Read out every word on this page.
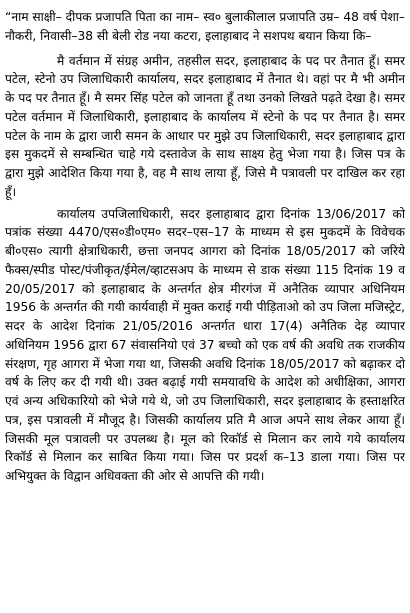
“नाम साक्षी– दीपक प्रजापति पिता का नाम– स्व० बुलाकीलाल प्रजापति उम्र– 48 वर्ष पेशा– नौकरी, निवासी–38 सी बेली रोड नया कटरा, इलाहाबाद ने सशपथ बयान किया कि–

मै वर्तमान में संग्रह अमीन, तहसील सदर, इलाहाबाद के पद पर तैनात हूँ। समर पटेल, स्टेनो उप जिलाधिकारी कार्यालय, सदर इलाहाबाद में तैनात थे। वहां पर मै भी अमीन के पद पर तैनात हूँ। मै समर सिंह पटेल को जानता हूँ तथा उनको लिखते पढ़ते देखा है। समर पटेल वर्तमान में जिलाधिकारी, इलाहाबाद के कार्यालय में स्टेनो के पद पर तैनात है। समर पटेल के नाम के द्वारा जारी समन के आधार पर मुझे उप जिलाधिकारी, सदर इलाहाबाद द्वारा इस मुकदमें से सम्बन्धित चाहे गये दस्तावेज के साथ साक्ष्य हेतु भेजा गया है। जिस पत्र के द्वारा मुझे आदेशित किया गया है, वह मै साथ लाया हूँ, जिसे मै पत्रावली पर दाखिल कर रहा हूँ।

कार्यालय उपजिलाधिकारी, सदर इलाहाबाद द्वारा दिनांक 13/06/2017 को पत्रांक संख्या 4470/एस०डी०एम० सदर–एस–17 के माध्यम से इस मुकदमें के विवेचक बी०एस० त्यागी क्षेत्राधिकारी, छत्ता जनपद आगरा को दिनांक 18/05/2017 को जरिये फैक्स/स्पीड पोस्ट/पंजीकृत/ईमेल/व्हाटसअप के माध्यम से डाक संख्या 115 दिनांक 19 व 20/05/2017 को इलाहाबाद के अन्तर्गत क्षेत्र मीरगंज में अनैतिक व्यापार अधिनियम 1956 के अन्तर्गत की गयी कार्यवाही में मुक्त कराई गयी पीड़िताओ को उप जिला मजिस्ट्रेट, सदर के आदेश दिनांक 21/05/2016 अन्तर्गत धारा 17(4) अनैतिक देह व्यापार अधिनियम 1956 द्वारा 67 संवासनियो एवं 37 बच्चो को एक वर्ष की अवधि तक राजकीय संरक्षण, गृह आगरा में भेजा गया था, जिसकी अवधि दिनांक 18/05/2017 को बढ़ाकर दो वर्ष के लिए कर दी गयी थी। उक्त बढ़ाई गयी समयावधि के आदेश को अधीक्षिका, आगरा एवं अन्य अधिकारियो को भेजे गये थे, जो उप जिलाधिकारी, सदर इलाहाबाद के हस्ताक्षरित पत्र, इस पत्रावली में मौजूद है। जिसकी कार्यालय प्रति मै आज अपने साथ लेकर आया हूँ। जिसकी मूल पत्रावली पर उपलब्ध है। मूल को रिकॉर्ड से मिलान कर लाये गये कार्यालय रिकॉर्ड से मिलान कर साबित किया गया। जिस पर प्रदर्श क–13 डाला गया। जिस पर अभियुक्त के विद्वान अधिवक्ता की ओर से आपत्ति की गयी।
